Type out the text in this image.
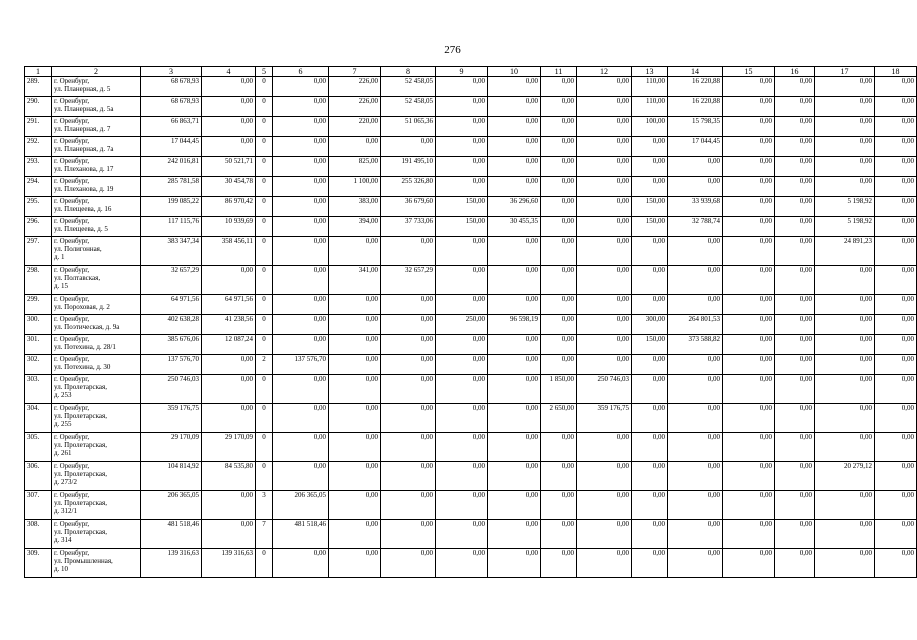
276
1	2	3	4	5	6	7	8	9	10	11	12	13	14	15	16	17	18
289.	г. Оренбург,
ул. Планерная, д. 5	68 678,93	0,00	0	0,00	226,00	52 458,05	0,00	0,00	0,00	0,00	110,00	16 220,88	0,00	0,00	0,00	0,00
290.	г. Оренбург,
ул. Планерная, д. 5а	68 678,93	0,00	0	0,00	226,00	52 458,05	0,00	0,00	0,00	0,00	110,00	16 220,88	0,00	0,00	0,00	0,00
291.	г. Оренбург,
ул. Планерная, д. 7	66 863,71	0,00	0	0,00	220,00	51 065,36	0,00	0,00	0,00	0,00	100,00	15 798,35	0,00	0,00	0,00	0,00
292.	г. Оренбург,
ул. Планерная, д. 7а	17 044,45	0,00	0	0,00	0,00	0,00	0,00	0,00	0,00	0,00	0,00	17 044,45	0,00	0,00	0,00	0,00
293.	г. Оренбург,
ул. Плеханова, д. 17	242 016,81	50 521,71	0	0,00	825,00	191 495,10	0,00	0,00	0,00	0,00	0,00	0,00	0,00	0,00	0,00	0,00
294.	г. Оренбург,
ул. Плеханова, д. 19	285 781,58	30 454,78	0	0,00	1 100,00	255 326,80	0,00	0,00	0,00	0,00	0,00	0,00	0,00	0,00	0,00	0,00
295.	г. Оренбург,
ул. Плещеева, д. 16	199 085,22	86 970,42	0	0,00	383,00	36 679,60	150,00	36 296,60	0,00	0,00	150,00	33 939,68	0,00	0,00	5 198,92	0,00
296.	г. Оренбург,
ул. Плещеева, д. 5	117 115,76	10 939,69	0	0,00	394,00	37 733,06	150,00	30 455,35	0,00	0,00	150,00	32 788,74	0,00	0,00	5 198,92	0,00
297.	г. Оренбург,
ул. Полигонная,
д. 1	383 347,34	358 456,11	0	0,00	0,00	0,00	0,00	0,00	0,00	0,00	0,00	0,00	0,00	0,00	24 891,23	0,00
298.	г. Оренбург,
ул. Полтавская,
д. 15	32 657,29	0,00	0	0,00	341,00	32 657,29	0,00	0,00	0,00	0,00	0,00	0,00	0,00	0,00	0,00	0,00
299.	г. Оренбург,
ул. Пороховая, д. 2	64 971,56	64 971,56	0	0,00	0,00	0,00	0,00	0,00	0,00	0,00	0,00	0,00	0,00	0,00	0,00	0,00
300.	г. Оренбург,
ул. Поэтическая, д. 9а	402 638,28	41 238,56	0	0,00	0,00	0,00	250,00	96 598,19	0,00	0,00	300,00	264 801,53	0,00	0,00	0,00	0,00
301.	г. Оренбург,
ул. Потехина, д. 28/1	385 676,06	12 087,24	0	0,00	0,00	0,00	0,00	0,00	0,00	0,00	150,00	373 588,82	0,00	0,00	0,00	0,00
302.	г. Оренбург,
ул. Потехина, д. 30	137 576,70	0,00	2	137 576,70	0,00	0,00	0,00	0,00	0,00	0,00	0,00	0,00	0,00	0,00	0,00	0,00
303.	г. Оренбург,
ул. Пролетарская,
д. 253	250 746,03	0,00	0	0,00	0,00	0,00	0,00	0,00	1 850,00	250 746,03	0,00	0,00	0,00	0,00	0,00	0,00
304.	г. Оренбург,
ул. Пролетарская,
д. 255	359 176,75	0,00	0	0,00	0,00	0,00	0,00	0,00	2 650,00	359 176,75	0,00	0,00	0,00	0,00	0,00	0,00
305.	г. Оренбург,
ул. Пролетарская,
д. 261	29 170,09	29 170,09	0	0,00	0,00	0,00	0,00	0,00	0,00	0,00	0,00	0,00	0,00	0,00	0,00	0,00
306.	г. Оренбург,
ул. Пролетарская,
д. 273/2	104 814,92	84 535,80	0	0,00	0,00	0,00	0,00	0,00	0,00	0,00	0,00	0,00	0,00	0,00	20 279,12	0,00
307.	г. Оренбург,
ул. Пролетарская,
д. 312/1	206 365,05	0,00	3	206 365,05	0,00	0,00	0,00	0,00	0,00	0,00	0,00	0,00	0,00	0,00	0,00	0,00
308.	г. Оренбург,
ул. Пролетарская,
д. 314	481 518,46	0,00	7	481 518,46	0,00	0,00	0,00	0,00	0,00	0,00	0,00	0,00	0,00	0,00	0,00	0,00
309.	г. Оренбург,
ул. Промышленная,
д. 10	139 316,63	139 316,63	0	0,00	0,00	0,00	0,00	0,00	0,00	0,00	0,00	0,00	0,00	0,00	0,00	0,00
